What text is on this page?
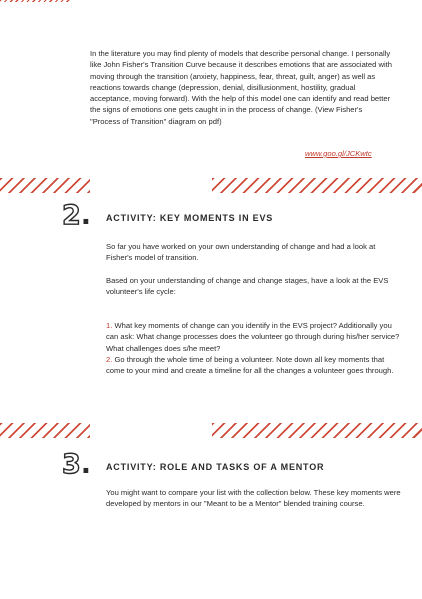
In the literature you may find plenty of models that describe personal change. I personally like John Fisher's Transition Curve because it describes emotions that are associated with moving through the transition (anxiety, happiness, fear, threat, guilt, anger) as well as reactions towards change (depression, denial, disillusionment, hostility, gradual acceptance, moving forward). With the help of this model one can identify and read better the signs of emotions one gets caught in in the process of change. (View Fisher's "Process of Transition" diagram on pdf)

www.goo.gl/JCKwtc
2. ACTIVITY: KEY MOMENTS IN EVS

So far you have worked on your own understanding of change and had a look at Fisher's model of transition.

Based on your understanding of change and change stages, have a look at the EVS volunteer's life cycle:

1. What key moments of change can you identify in the EVS project? Additionally you can ask: What change processes does the volunteer go through during his/her service? What challenges does s/he meet?

2. Go through the whole time of being a volunteer. Note down all key moments that come to your mind and create a timeline for all the changes a volunteer goes through.

3. ACTIVITY: ROLE AND TASKS OF A MENTOR

You might want to compare your list with the collection below. These key moments were developed by mentors in our "Meant to be a Mentor" blended training course.
